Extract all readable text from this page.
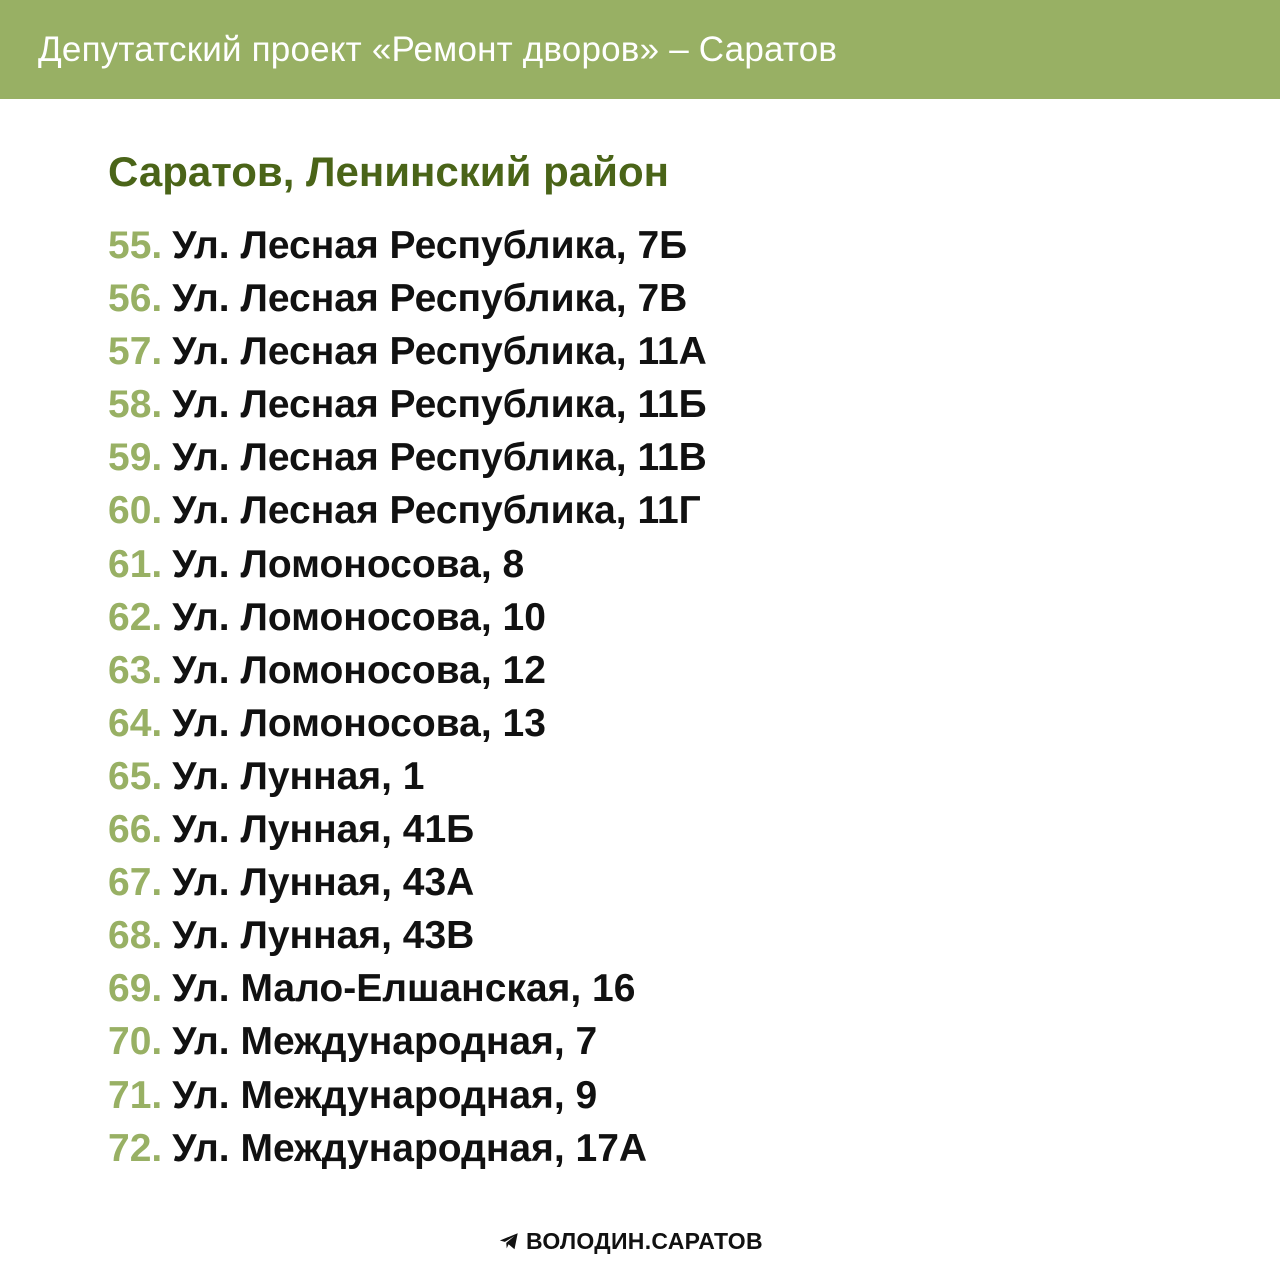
Депутатский проект «Ремонт дворов» – Саратов
Саратов, Ленинский район
55. Ул. Лесная Республика, 7Б
56. Ул. Лесная Республика, 7В
57. Ул. Лесная Республика, 11А
58. Ул. Лесная Республика, 11Б
59. Ул. Лесная Республика, 11В
60. Ул. Лесная Республика, 11Г
61. Ул. Ломоносова, 8
62. Ул. Ломоносова, 10
63. Ул. Ломоносова, 12
64. Ул. Ломоносова, 13
65. Ул. Лунная, 1
66. Ул. Лунная, 41Б
67. Ул. Лунная, 43А
68. Ул. Лунная, 43В
69. Ул. Мало-Елшанская, 16
70. Ул. Международная, 7
71. Ул. Международная, 9
72. Ул. Международная, 17А
ВОЛОДИН.САРАТОВ
